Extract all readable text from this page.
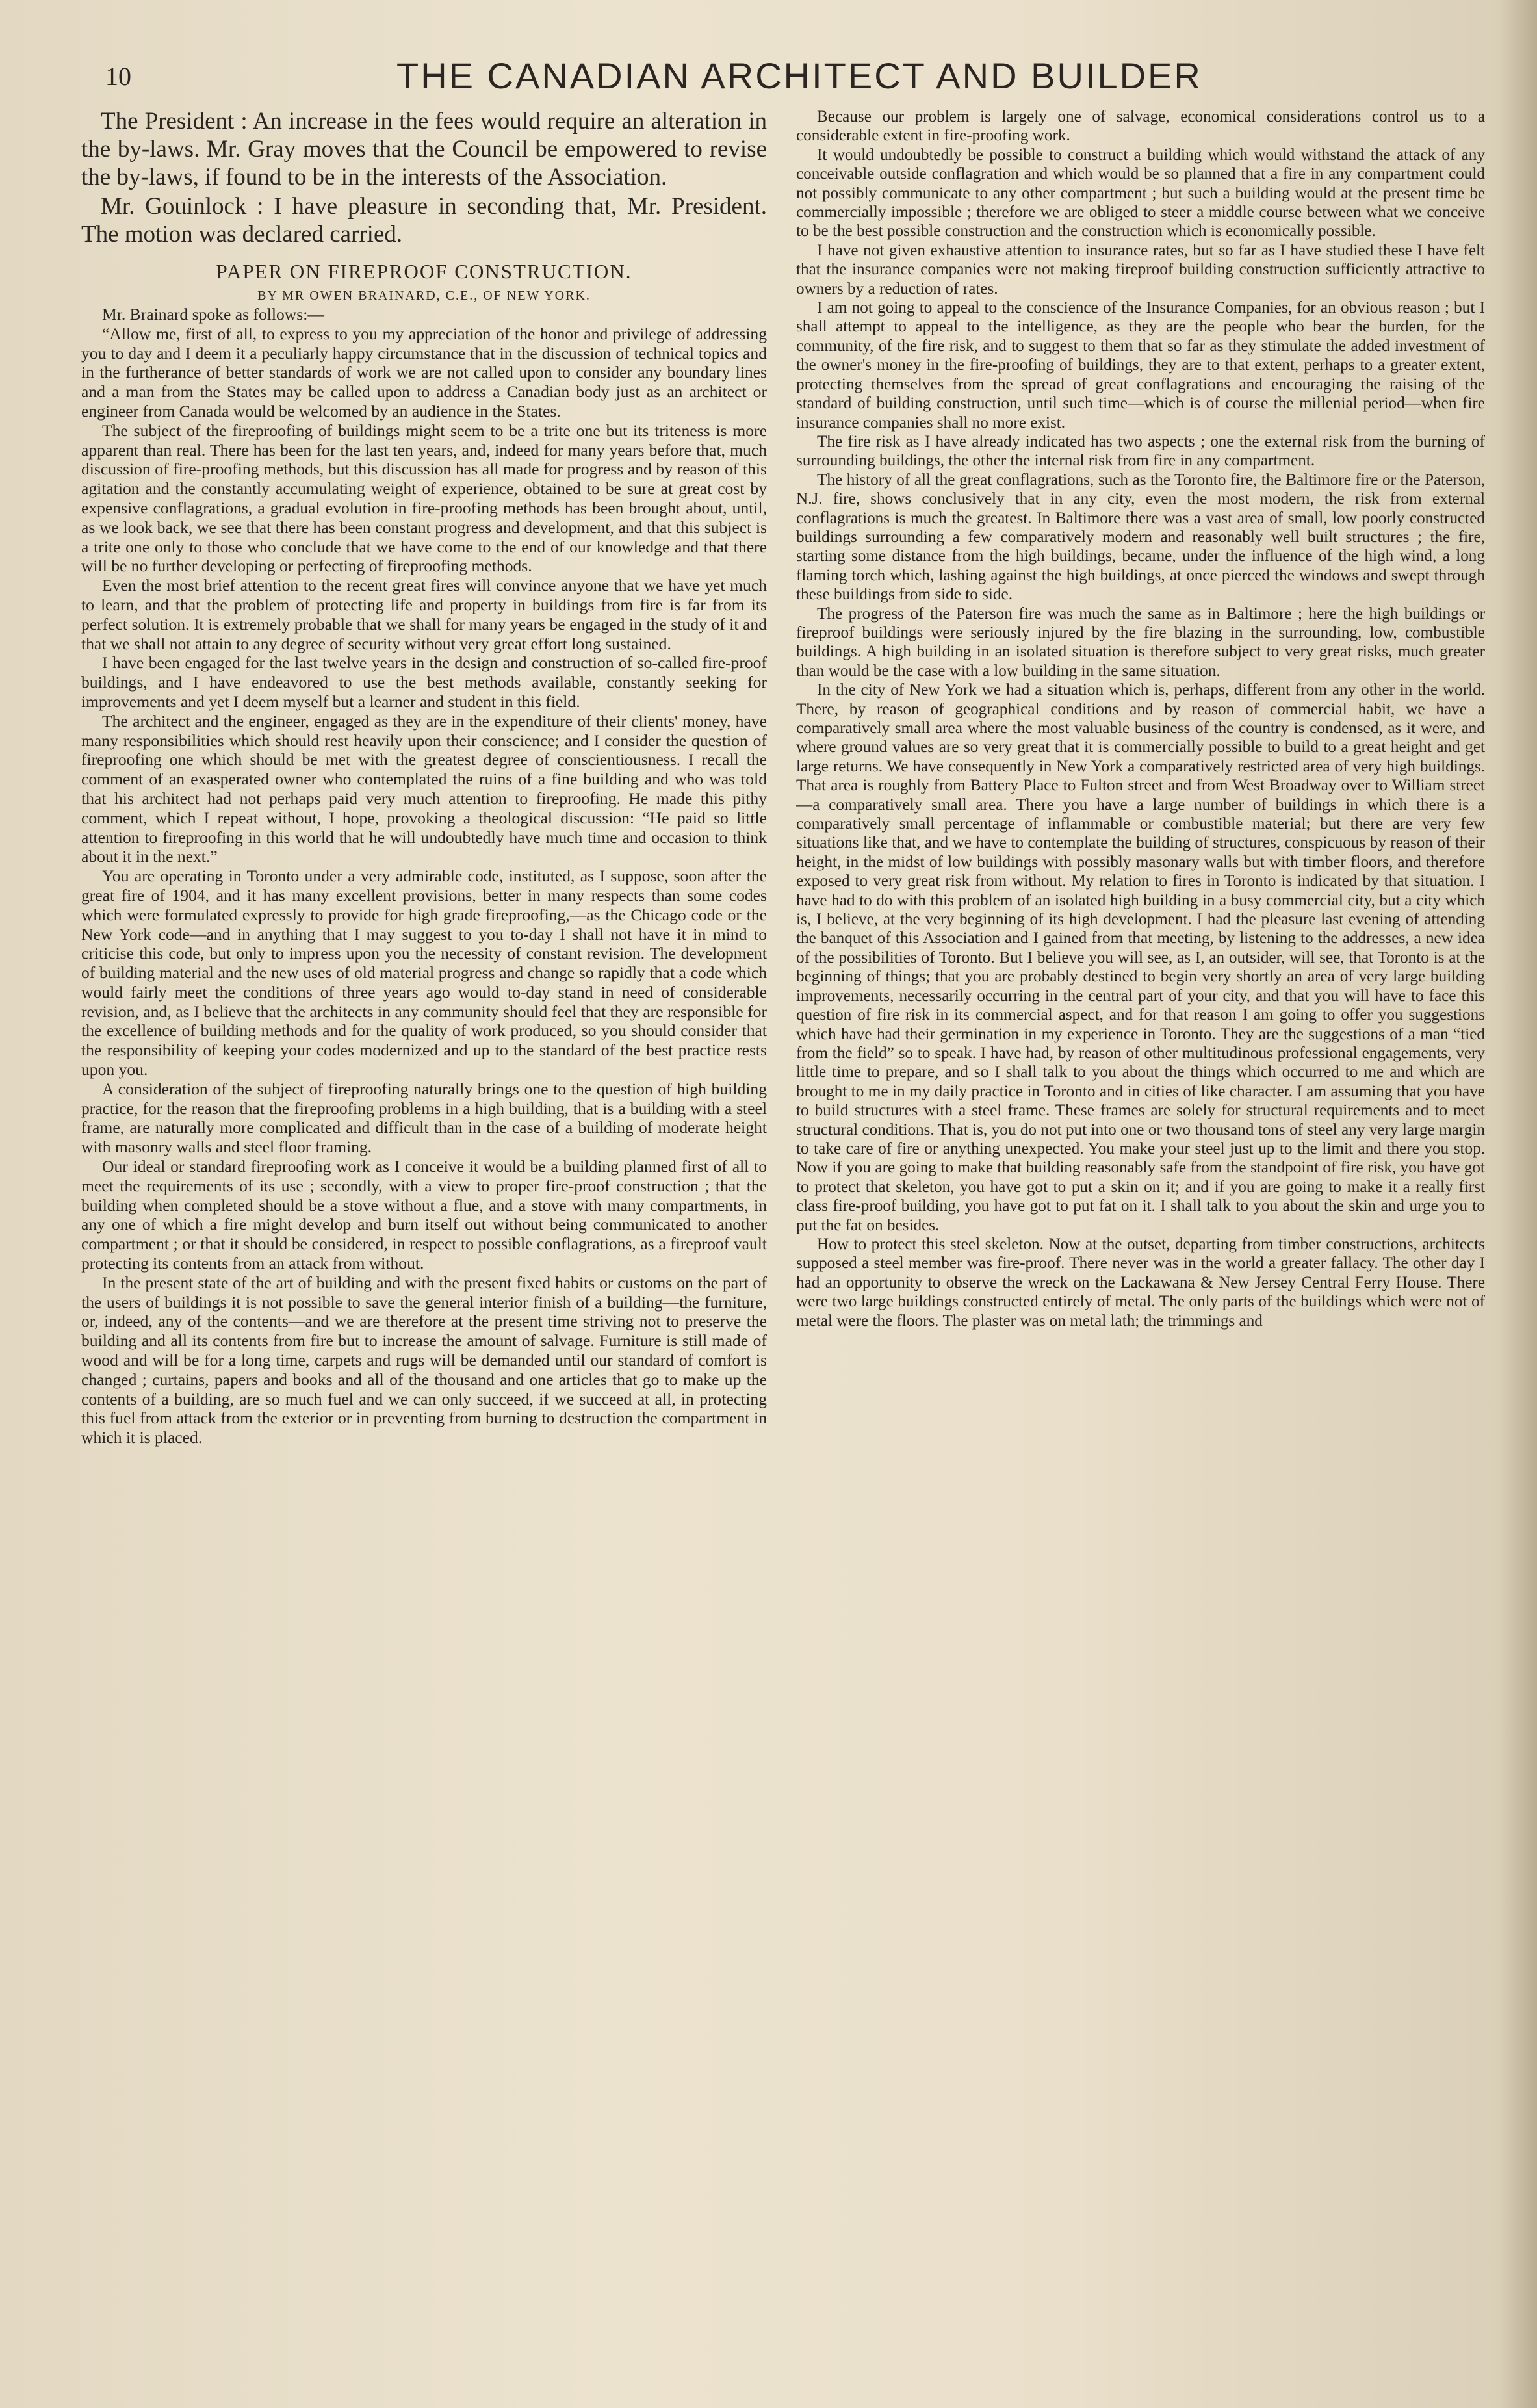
10	THE CANADIAN ARCHITECT AND BUILDER

The President : An increase in the fees would require an alteration in the by-laws. Mr. Gray moves that the Council be empowered to revise the by-laws, if found to be in the interests of the Association.

Mr. Gouinlock : I have pleasure in seconding that, Mr. President. The motion was declared carried.

PAPER ON FIREPROOF CONSTRUCTION.
BY MR OWEN BRAINARD, C.E., OF NEW YORK.

Mr. Brainard spoke as follows:—

“Allow me, first of all, to express to you my appreciation of the honor and privilege of addressing you to day and I deem it a peculiarly happy circumstance that in the discussion of technical topics and in the furtherance of better standards of work we are not called upon to consider any boundary lines and a man from the States may be called upon to address a Canadian body just as an architect or engineer from Canada would be welcomed by an audience in the States.

The subject of the fireproofing of buildings might seem to be a trite one but its triteness is more apparent than real. There has been for the last ten years, and, indeed for many years before that, much discussion of fire-proofing methods, but this discussion has all made for progress and by reason of this agitation and the constantly accumulating weight of experience, obtained to be sure at great cost by expensive conflagrations, a gradual evolution in fire-proofing methods has been brought about, until, as we look back, we see that there has been constant progress and development, and that this subject is a trite one only to those who conclude that we have come to the end of our knowledge and that there will be no further developing or perfecting of fireproofing methods.

Even the most brief attention to the recent great fires will convince anyone that we have yet much to learn, and that the problem of protecting life and property in buildings from fire is far from its perfect solution. It is extremely probable that we shall for many years be engaged in the study of it and that we shall not attain to any degree of security without very great effort long sustained.

I have been engaged for the last twelve years in the design and construction of so-called fire-proof buildings, and I have endeavored to use the best methods available, constantly seeking for improvements and yet I deem myself but a learner and student in this field.

The architect and the engineer, engaged as they are in the expenditure of their clients' money, have many responsibilities which should rest heavily upon their conscience; and I consider the question of fireproofing one which should be met with the greatest degree of conscientiousness. I recall the comment of an exasperated owner who contemplated the ruins of a fine building and who was told that his architect had not perhaps paid very much attention to fireproofing. He made this pithy comment, which I repeat without, I hope, provoking a theological discussion: “He paid so little attention to fireproofing in this world that he will undoubtedly have much time and occasion to think about it in the next.”

You are operating in Toronto under a very admirable code, instituted, as I suppose, soon after the great fire of 1904, and it has many excellent provisions, better in many respects than some codes which were formulated expressly to provide for high grade fireproofing,—as the Chicago code or the New York code—and in anything that I may suggest to you to-day I shall not have it in mind to criticise this code, but only to impress upon you the necessity of constant revision. The development of building material and the new uses of old material progress and change so rapidly that a code which would fairly meet the conditions of three years ago would to-day stand in need of considerable revision, and, as I believe that the architects in any community should feel that they are responsible for the excellence of building methods and for the quality of work produced, so you should consider that the responsibility of keeping your codes modernized and up to the standard of the best practice rests upon you.

A consideration of the subject of fireproofing naturally brings one to the question of high building practice, for the reason that the fireproofing problems in a high building, that is a building with a steel frame, are naturally more complicated and difficult than in the case of a building of moderate height with masonry walls and steel floor framing.

Our ideal or standard fireproofing work as I conceive it would be a building planned first of all to meet the requirements of its use ; secondly, with a view to proper fire-proof construction ; that the building when completed should be a stove without a flue, and a stove with many compartments, in any one of which a fire might develop and burn itself out without being communicated to another compartment ; or that it should be considered, in respect to possible conflagrations, as a fireproof vault protecting its contents from an attack from without.

In the present state of the art of building and with the present fixed habits or customs on the part of the users of buildings it is not possible to save the general interior finish of a building—the furniture, or, indeed, any of the contents—and we are therefore at the present time striving not to preserve the building and all its contents from fire but to increase the amount of salvage. Furniture is still made of wood and will be for a long time, carpets and rugs will be demanded until our standard of comfort is changed ; curtains, papers and books and all of the thousand and one articles that go to make up the contents of a building, are so much fuel and we can only succeed, if we succeed at all, in protecting this fuel from attack from the exterior or in preventing from burning to destruction the compartment in which it is placed.

Because our problem is largely one of salvage, economical considerations control us to a considerable extent in fire-proofing work.

It would undoubtedly be possible to construct a building which would withstand the attack of any conceivable outside conflagration and which would be so planned that a fire in any compartment could not possibly communicate to any other compartment ; but such a building would at the present time be commercially impossible ; therefore we are obliged to steer a middle course between what we conceive to be the best possible construction and the construction which is economically possible.

I have not given exhaustive attention to insurance rates, but so far as I have studied these I have felt that the insurance companies were not making fireproof building construction sufficiently attractive to owners by a reduction of rates.

I am not going to appeal to the conscience of the Insurance Companies, for an obvious reason ; but I shall attempt to appeal to the intelligence, as they are the people who bear the burden, for the community, of the fire risk, and to suggest to them that so far as they stimulate the added investment of the owner's money in the fire-proofing of buildings, they are to that extent, perhaps to a greater extent, protecting themselves from the spread of great conflagrations and encouraging the raising of the standard of building construction, until such time—which is of course the millenial period—when fire insurance companies shall no more exist.

The fire risk as I have already indicated has two aspects ; one the external risk from the burning of surrounding buildings, the other the internal risk from fire in any compartment.

The history of all the great conflagrations, such as the Toronto fire, the Baltimore fire or the Paterson, N.J. fire, shows conclusively that in any city, even the most modern, the risk from external conflagrations is much the greatest. In Baltimore there was a vast area of small, low poorly constructed buildings surrounding a few comparatively modern and reasonably well built structures ; the fire, starting some distance from the high buildings, became, under the influence of the high wind, a long flaming torch which, lashing against the high buildings, at once pierced the windows and swept through these buildings from side to side.

The progress of the Paterson fire was much the same as in Baltimore ; here the high buildings or fireproof buildings were seriously injured by the fire blazing in the surrounding, low, combustible buildings. A high building in an isolated situation is therefore subject to very great risks, much greater than would be the case with a low building in the same situation.

In the city of New York we had a situation which is, perhaps, different from any other in the world. There, by reason of geographical conditions and by reason of commercial habit, we have a comparatively small area where the most valuable business of the country is condensed, as it were, and where ground values are so very great that it is commercially possible to build to a great height and get large returns. We have consequently in New York a comparatively restricted area of very high buildings. That area is roughly from Battery Place to Fulton street and from West Broadway over to William street—a comparatively small area. There you have a large number of buildings in which there is a comparatively small percentage of inflammable or combustible material; but there are very few situations like that, and we have to contemplate the building of structures, conspicuous by reason of their height, in the midst of low buildings with possibly masonary walls but with timber floors, and therefore exposed to very great risk from without. My relation to fires in Toronto is indicated by that situation. I have had to do with this problem of an isolated high building in a busy commercial city, but a city which is, I believe, at the very beginning of its high development. I had the pleasure last evening of attending the banquet of this Association and I gained from that meeting, by listening to the addresses, a new idea of the possibilities of Toronto. But I believe you will see, as I, an outsider, will see, that Toronto is at the beginning of things; that you are probably destined to begin very shortly an area of very large building improvements, necessarily occurring in the central part of your city, and that you will have to face this question of fire risk in its commercial aspect, and for that reason I am going to offer you suggestions which have had their germination in my experience in Toronto. They are the suggestions of a man “tied from the field” so to speak. I have had, by reason of other multitudinous professional engagements, very little time to prepare, and so I shall talk to you about the things which occurred to me and which are brought to me in my daily practice in Toronto and in cities of like character. I am assuming that you have to build structures with a steel frame. These frames are solely for structural requirements and to meet structural conditions. That is, you do not put into one or two thousand tons of steel any very large margin to take care of fire or anything unexpected. You make your steel just up to the limit and there you stop. Now if you are going to make that building reasonably safe from the standpoint of fire risk, you have got to protect that skeleton, you have got to put a skin on it; and if you are going to make it a really first class fire-proof building, you have got to put fat on it. I shall talk to you about the skin and urge you to put the fat on besides.

How to protect this steel skeleton. Now at the outset, departing from timber constructions, architects supposed a steel member was fire-proof. There never was in the world a greater fallacy. The other day I had an opportunity to observe the wreck on the Lackawana & New Jersey Central Ferry House. There were two large buildings constructed entirely of metal. The only parts of the buildings which were not of metal were the floors. The plaster was on metal lath; the trimmings and
